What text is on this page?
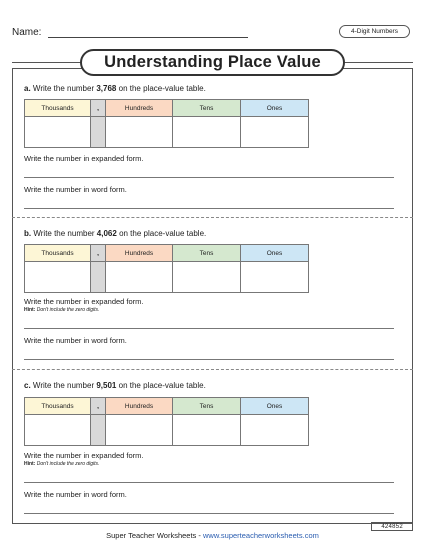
Name:	4-Digit Numbers
Understanding Place Value
a. Write the number 3,768 on the place-value table.
Thousands	,	Hundreds	Tens	Ones

Write the number in expanded form.
Write the number in word form.
b. Write the number 4,062 on the place-value table.
Thousands	,	Hundreds	Tens	Ones

Write the number in expanded form.
Hint: Don't include the zero digits.
Write the number in word form.
c. Write the number 9,501 on the place-value table.
Thousands	,	Hundreds	Tens	Ones

Write the number in expanded form.
Hint: Don't include the zero digits.
Write the number in word form.
424852
Super Teacher Worksheets - www.superteacherworksheets.com
